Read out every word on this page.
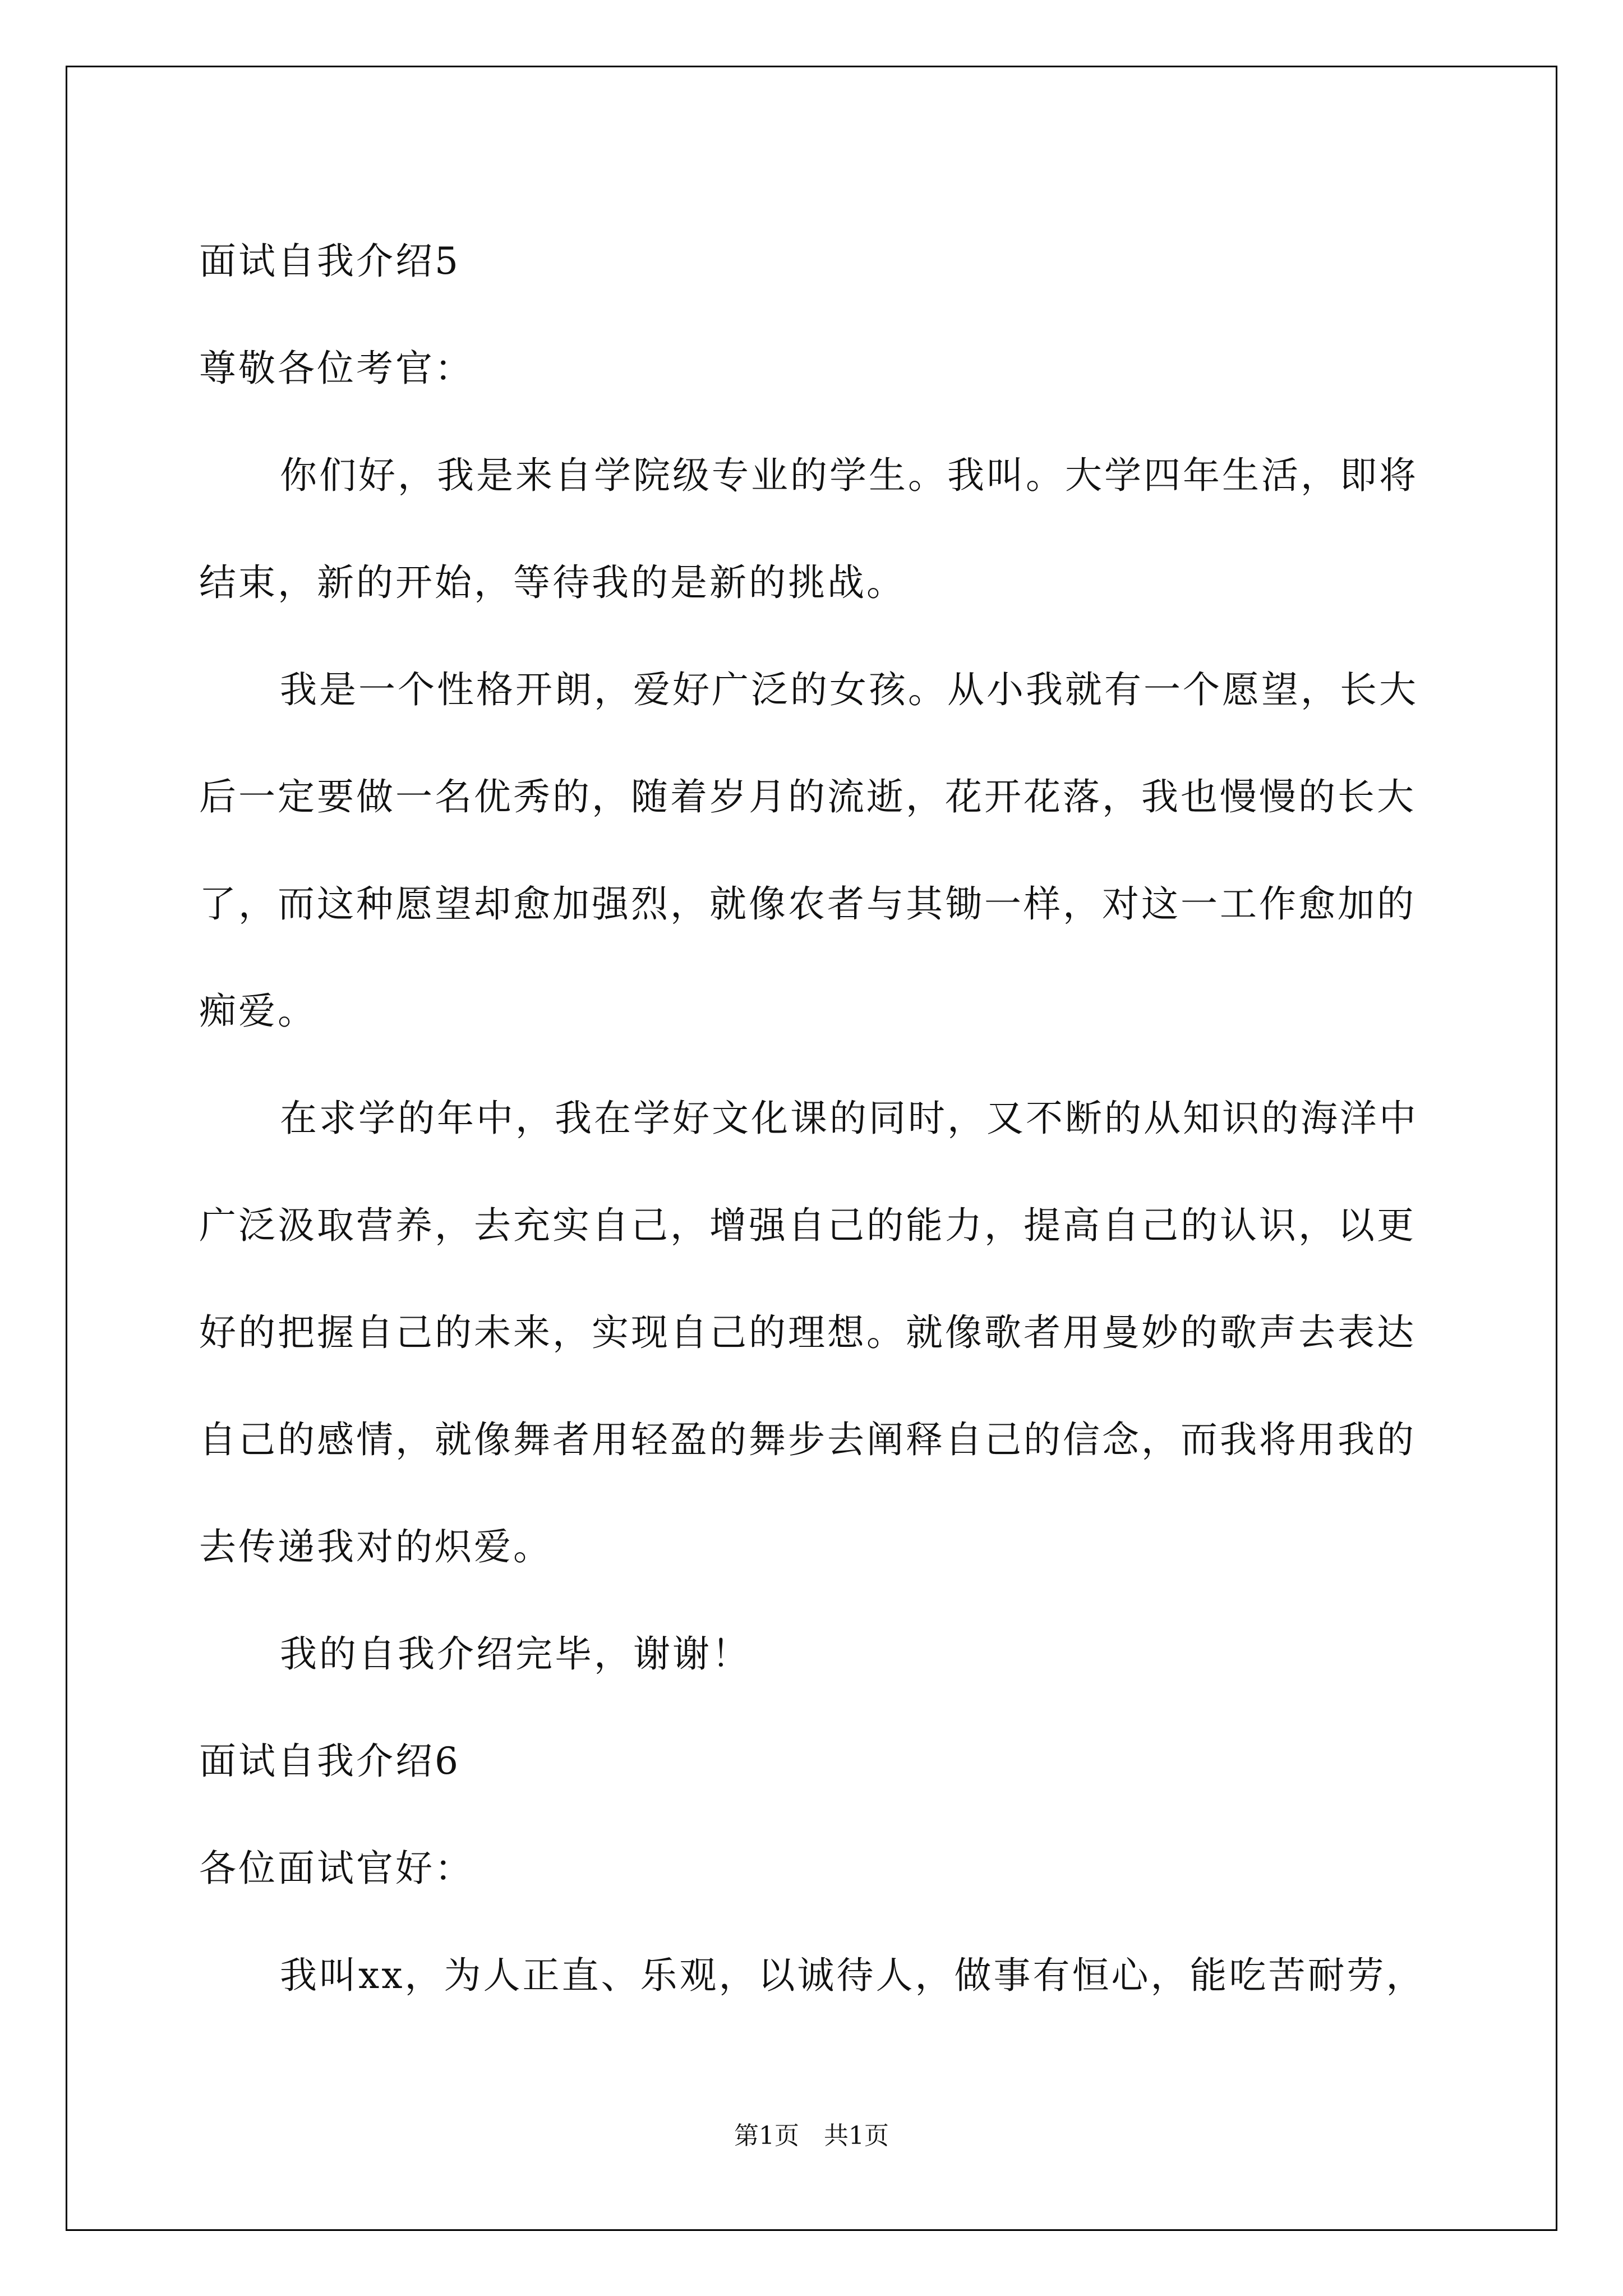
面试自我介绍5

尊敬各位考官：

你们好，我是来自学院级专业的学生。我叫。大学四年生活，即将结束，新的开始，等待我的是新的挑战。

我是一个性格开朗，爱好广泛的女孩。从小我就有一个愿望，长大后一定要做一名优秀的，随着岁月的流逝，花开花落，我也慢慢的长大了，而这种愿望却愈加强烈，就像农者与其锄一样，对这一工作愈加的痴爱。

在求学的年中，我在学好文化课的同时，又不断的从知识的海洋中广泛汲取营养，去充实自己，增强自己的能力，提高自己的认识，以更好的把握自己的未来，实现自己的理想。就像歌者用曼妙的歌声去表达自己的感情，就像舞者用轻盈的舞步去阐释自己的信念，而我将用我的去传递我对的炽爱。

我的自我介绍完毕，谢谢！

面试自我介绍6

各位面试官好：

我叫xx，为人正直、乐观，以诚待人，做事有恒心，能吃苦耐劳，

第1页 共1页
